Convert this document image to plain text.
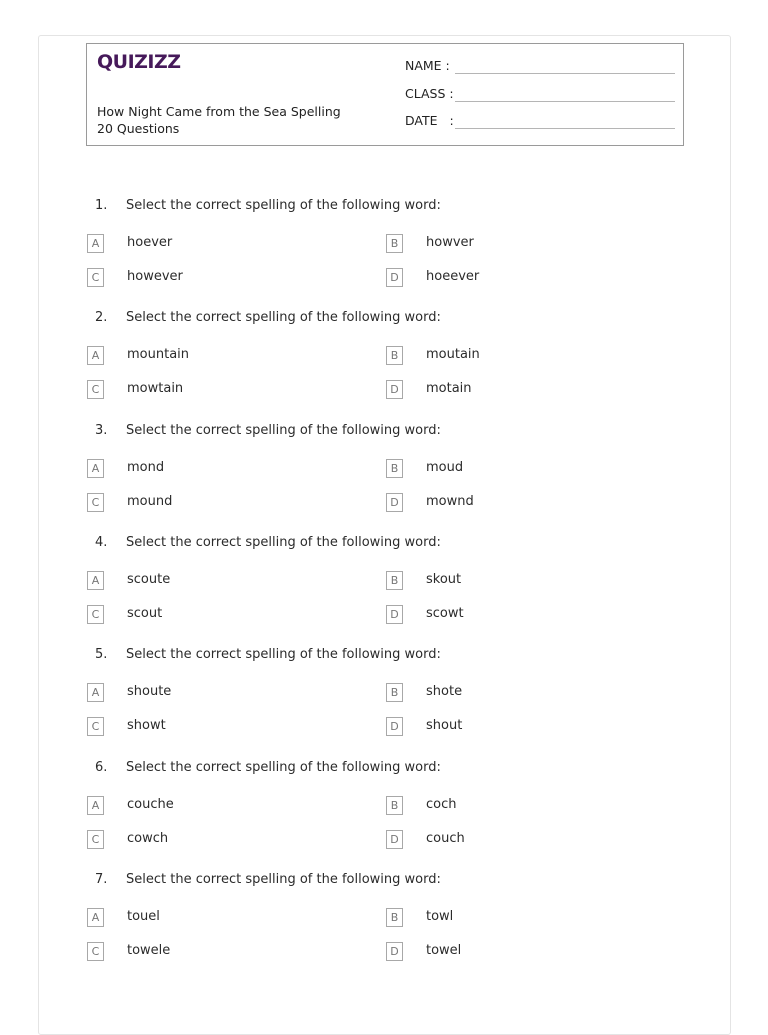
QUIZIZZ
How Night Came from the Sea Spelling
20 Questions
NAME :
CLASS :
DATE   :
1. Select the correct spelling of the following word:
A	hoever	B	howver
C	however	D	hoeever
2. Select the correct spelling of the following word:
A	mountain	B	moutain
C	mowtain	D	motain
3. Select the correct spelling of the following word:
A	mond	B	moud
C	mound	D	mownd
4. Select the correct spelling of the following word:
A	scoute	B	skout
C	scout	D	scowt
5. Select the correct spelling of the following word:
A	shoute	B	shote
C	showt	D	shout
6. Select the correct spelling of the following word:
A	couche	B	coch
C	cowch	D	couch
7. Select the correct spelling of the following word:
A	touel	B	towl
C	towele	D	towel
